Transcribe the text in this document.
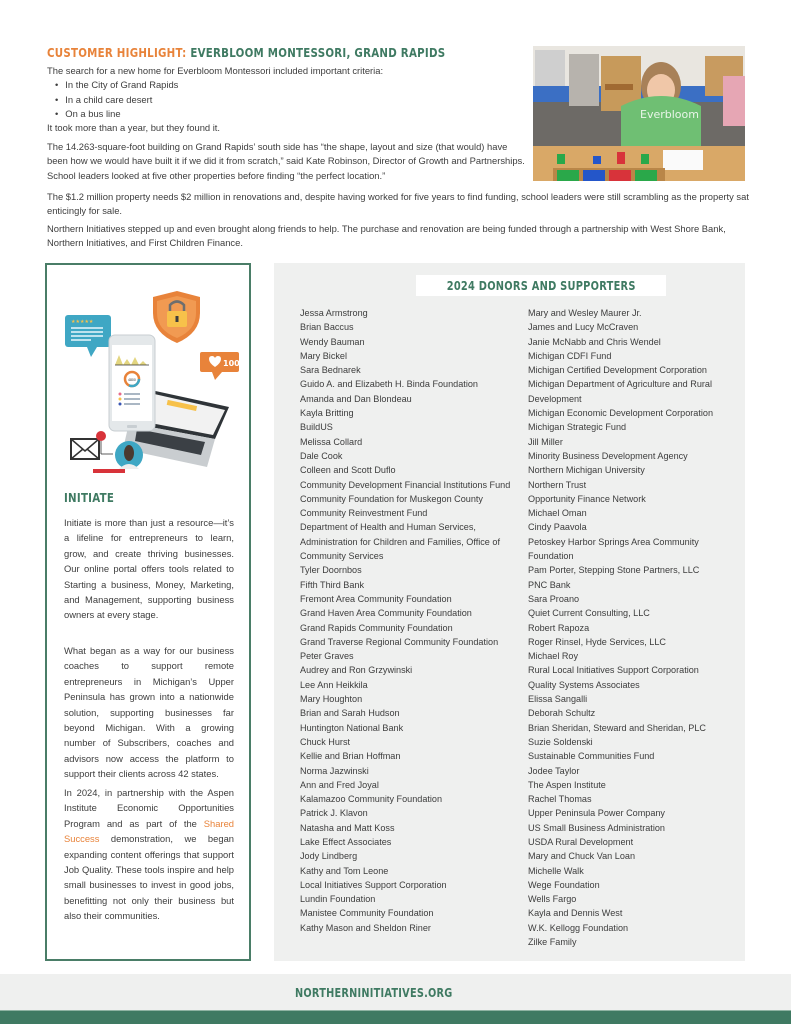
CUSTOMER HIGHLIGHT: EVERBLOOM MONTESSORI, GRAND RAPIDS

The search for a new home for Everbloom Montessori included important criteria:

• In the City of Grand Rapids
• In a child care desert
• On a bus line

It took more than a year, but they found it.

The 14.263-square-foot building on Grand Rapids’ south side has “the shape, layout and size (that would) have been how we would have built it if we did it from scratch,” said Kate Robinson, Director of Growth and Partnerships. School leaders looked at five other properties before finding “the perfect location.”

The $1.2 million property needs $2 million in renovations and, despite having worked for five years to find funding, school leaders were still scrambling as the property sat enticingly for sale.

Northern Initiatives stepped up and even brought along friends to help. The purchase and renovation are being funded through a partnership with West Shore Bank, Northern Initiatives, and First Children Finance.

Everbloom
★★★★★
100
4800
INITIATE

Initiate is more than just a resource—it’s a lifeline for entrepreneurs to learn, grow, and create thriving businesses. Our online portal offers tools related to Starting a business, Money, Marketing, and Management, supporting business owners at every stage.

What began as a way for our business coaches to support remote entrepreneurs in Michigan’s Upper Peninsula has grown into a nationwide solution, supporting businesses far beyond Michigan. With a growing number of Subscribers, coaches and advisors now access the platform to support their clients across 42 states.

In 2024, in partnership with the Aspen Institute Economic Opportunities Program and as part of the Shared Success demonstration, we began expanding content offerings that support Job Quality. These tools inspire and help small businesses to invest in good jobs, benefitting not only their business but also their communities.

2024 DONORS AND SUPPORTERS
Jessa Armstrong
Brian Baccus
Wendy Bauman
Mary Bickel
Sara Bednarek
Guido A. and Elizabeth H. Binda Foundation
Amanda and Dan Blondeau
Kayla Britting
BuildUS
Melissa Collard
Dale Cook
Colleen and Scott Duflo
Community Development Financial Institutions Fund
Community Foundation for Muskegon County
Community Reinvestment Fund
Department of Health and Human Services, Administration for Children and Families, Office of Community Services
Tyler Doornbos
Fifth Third Bank
Fremont Area Community Foundation
Grand Haven Area Community Foundation
Grand Rapids Community Foundation
Grand Traverse Regional Community Foundation
Peter Graves
Audrey and Ron Grzywinski
Lee Ann Heikkila
Mary Houghton
Brian and Sarah Hudson
Huntington National Bank
Chuck Hurst
Kellie and Brian Hoffman
Norma Jazwinski
Ann and Fred Joyal
Kalamazoo Community Foundation
Patrick J. Klavon
Natasha and Matt Koss
Lake Effect Associates
Jody Lindberg
Kathy and Tom Leone
Local Initiatives Support Corporation
Lundin Foundation
Manistee Community Foundation
Kathy Mason and Sheldon Riner
Mary and Wesley Maurer Jr.
James and Lucy McCraven
Janie McNabb and Chris Wendel
Michigan CDFI Fund
Michigan Certified Development Corporation
Michigan Department of Agriculture and Rural Development
Michigan Economic Development Corporation
Michigan Strategic Fund
Jill Miller
Minority Business Development Agency
Northern Michigan University
Northern Trust
Opportunity Finance Network
Michael Oman
Cindy Paavola
Petoskey Harbor Springs Area Community Foundation
Pam Porter, Stepping Stone Partners, LLC
PNC Bank
Sara Proano
Quiet Current Consulting, LLC
Robert Rapoza
Roger Rinsel, Hyde Services, LLC
Michael Roy
Rural Local Initiatives Support Corporation
Quality Systems Associates
Elissa Sangalli
Deborah Schultz
Brian Sheridan, Steward and Sheridan, PLC
Suzie Soldenski
Sustainable Communities Fund
Jodee Taylor
The Aspen Institute
Rachel Thomas
Upper Peninsula Power Company
US Small Business Administration
USDA Rural Development
Mary and Chuck Van Loan
Michelle Walk
Wege Foundation
Wells Fargo
Kayla and Dennis West
W.K. Kellogg Foundation
Zilke Family
NORTHERNINITIATIVES.ORG
